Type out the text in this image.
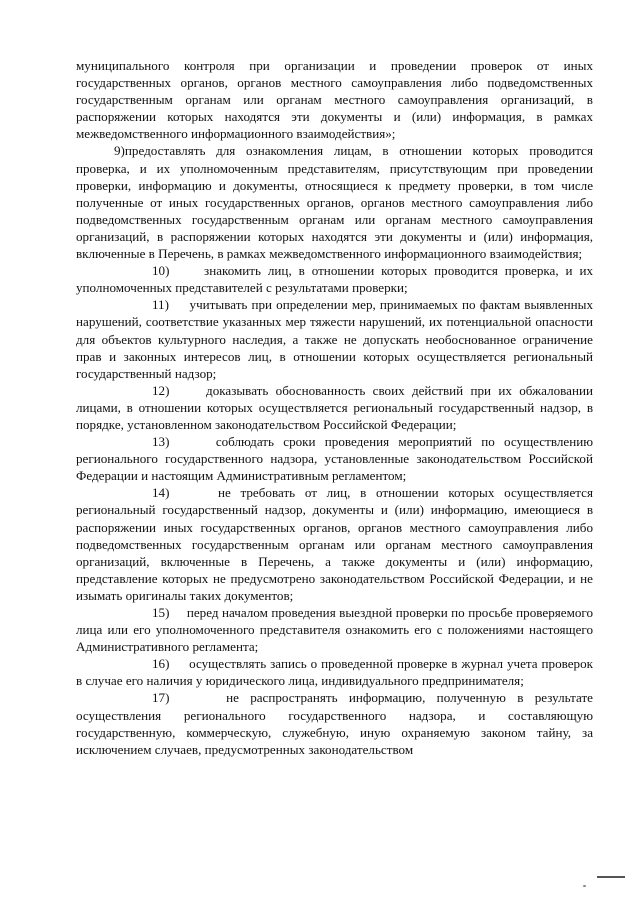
муниципального контроля при организации и проведении проверок от иных государственных органов, органов местного самоуправления либо подведомственных государственным органам или органам местного самоуправления организаций, в распоряжении которых находятся эти документы и (или) информация, в рамках межведомственного информационного взаимодействия»;

9)предоставлять для ознакомления лицам, в отношении которых проводится проверка, и их уполномоченным представителям, присутствующим при проведении проверки, информацию и документы, относящиеся к предмету проверки, в том числе полученные от иных государственных органов, органов местного самоуправления либо подведомственных государственным органам или органам местного самоуправления организаций, в распоряжении которых находятся эти документы и (или) информация, включенные в Перечень, в рамках межведомственного информационного взаимодействия;

10)	знакомить лиц, в отношении которых проводится проверка, и их уполномоченных представителей с результатами проверки;

11) учитывать при определении мер, принимаемых по фактам выявленных нарушений, соответствие указанных мер тяжести нарушений, их потенциальной опасности для объектов культурного наследия, а также не допускать необоснованное ограничение прав и законных интересов лиц, в отношении которых осуществляется региональный государственный надзор;

12)	доказывать обоснованность своих действий при их обжаловании лицами, в отношении которых осуществляется региональный государственный надзор, в порядке, установленном законодательством Российской Федерации;

13)	соблюдать сроки проведения мероприятий по осуществлению регионального государственного надзора, установленные законодательством Российской Федерации и настоящим Административным регламентом;

14)	не требовать от лиц, в отношении которых осуществляется региональный государственный надзор, документы и (или) информацию, имеющиеся в распоряжении иных государственных органов, органов местного самоуправления либо подведомственных государственным органам или органам местного самоуправления организаций, включенные в Перечень, а также документы и (или) информацию, представление которых не предусмотрено законодательством Российской Федерации, и не изымать оригиналы таких документов;

15) перед началом проведения выездной проверки по просьбе проверяемого лица или его уполномоченного представителя ознакомить его с положениями настоящего Административного регламента;

16) осуществлять запись о проведенной проверке в журнал учета проверок в случае его наличия у юридического лица, индивидуального предпринимателя;

17)	не распространять информацию, полученную в результате осуществления регионального государственного надзора, и составляющую государственную, коммерческую, служебную, иную охраняемую законом тайну, за исключением случаев, предусмотренных законодательством
